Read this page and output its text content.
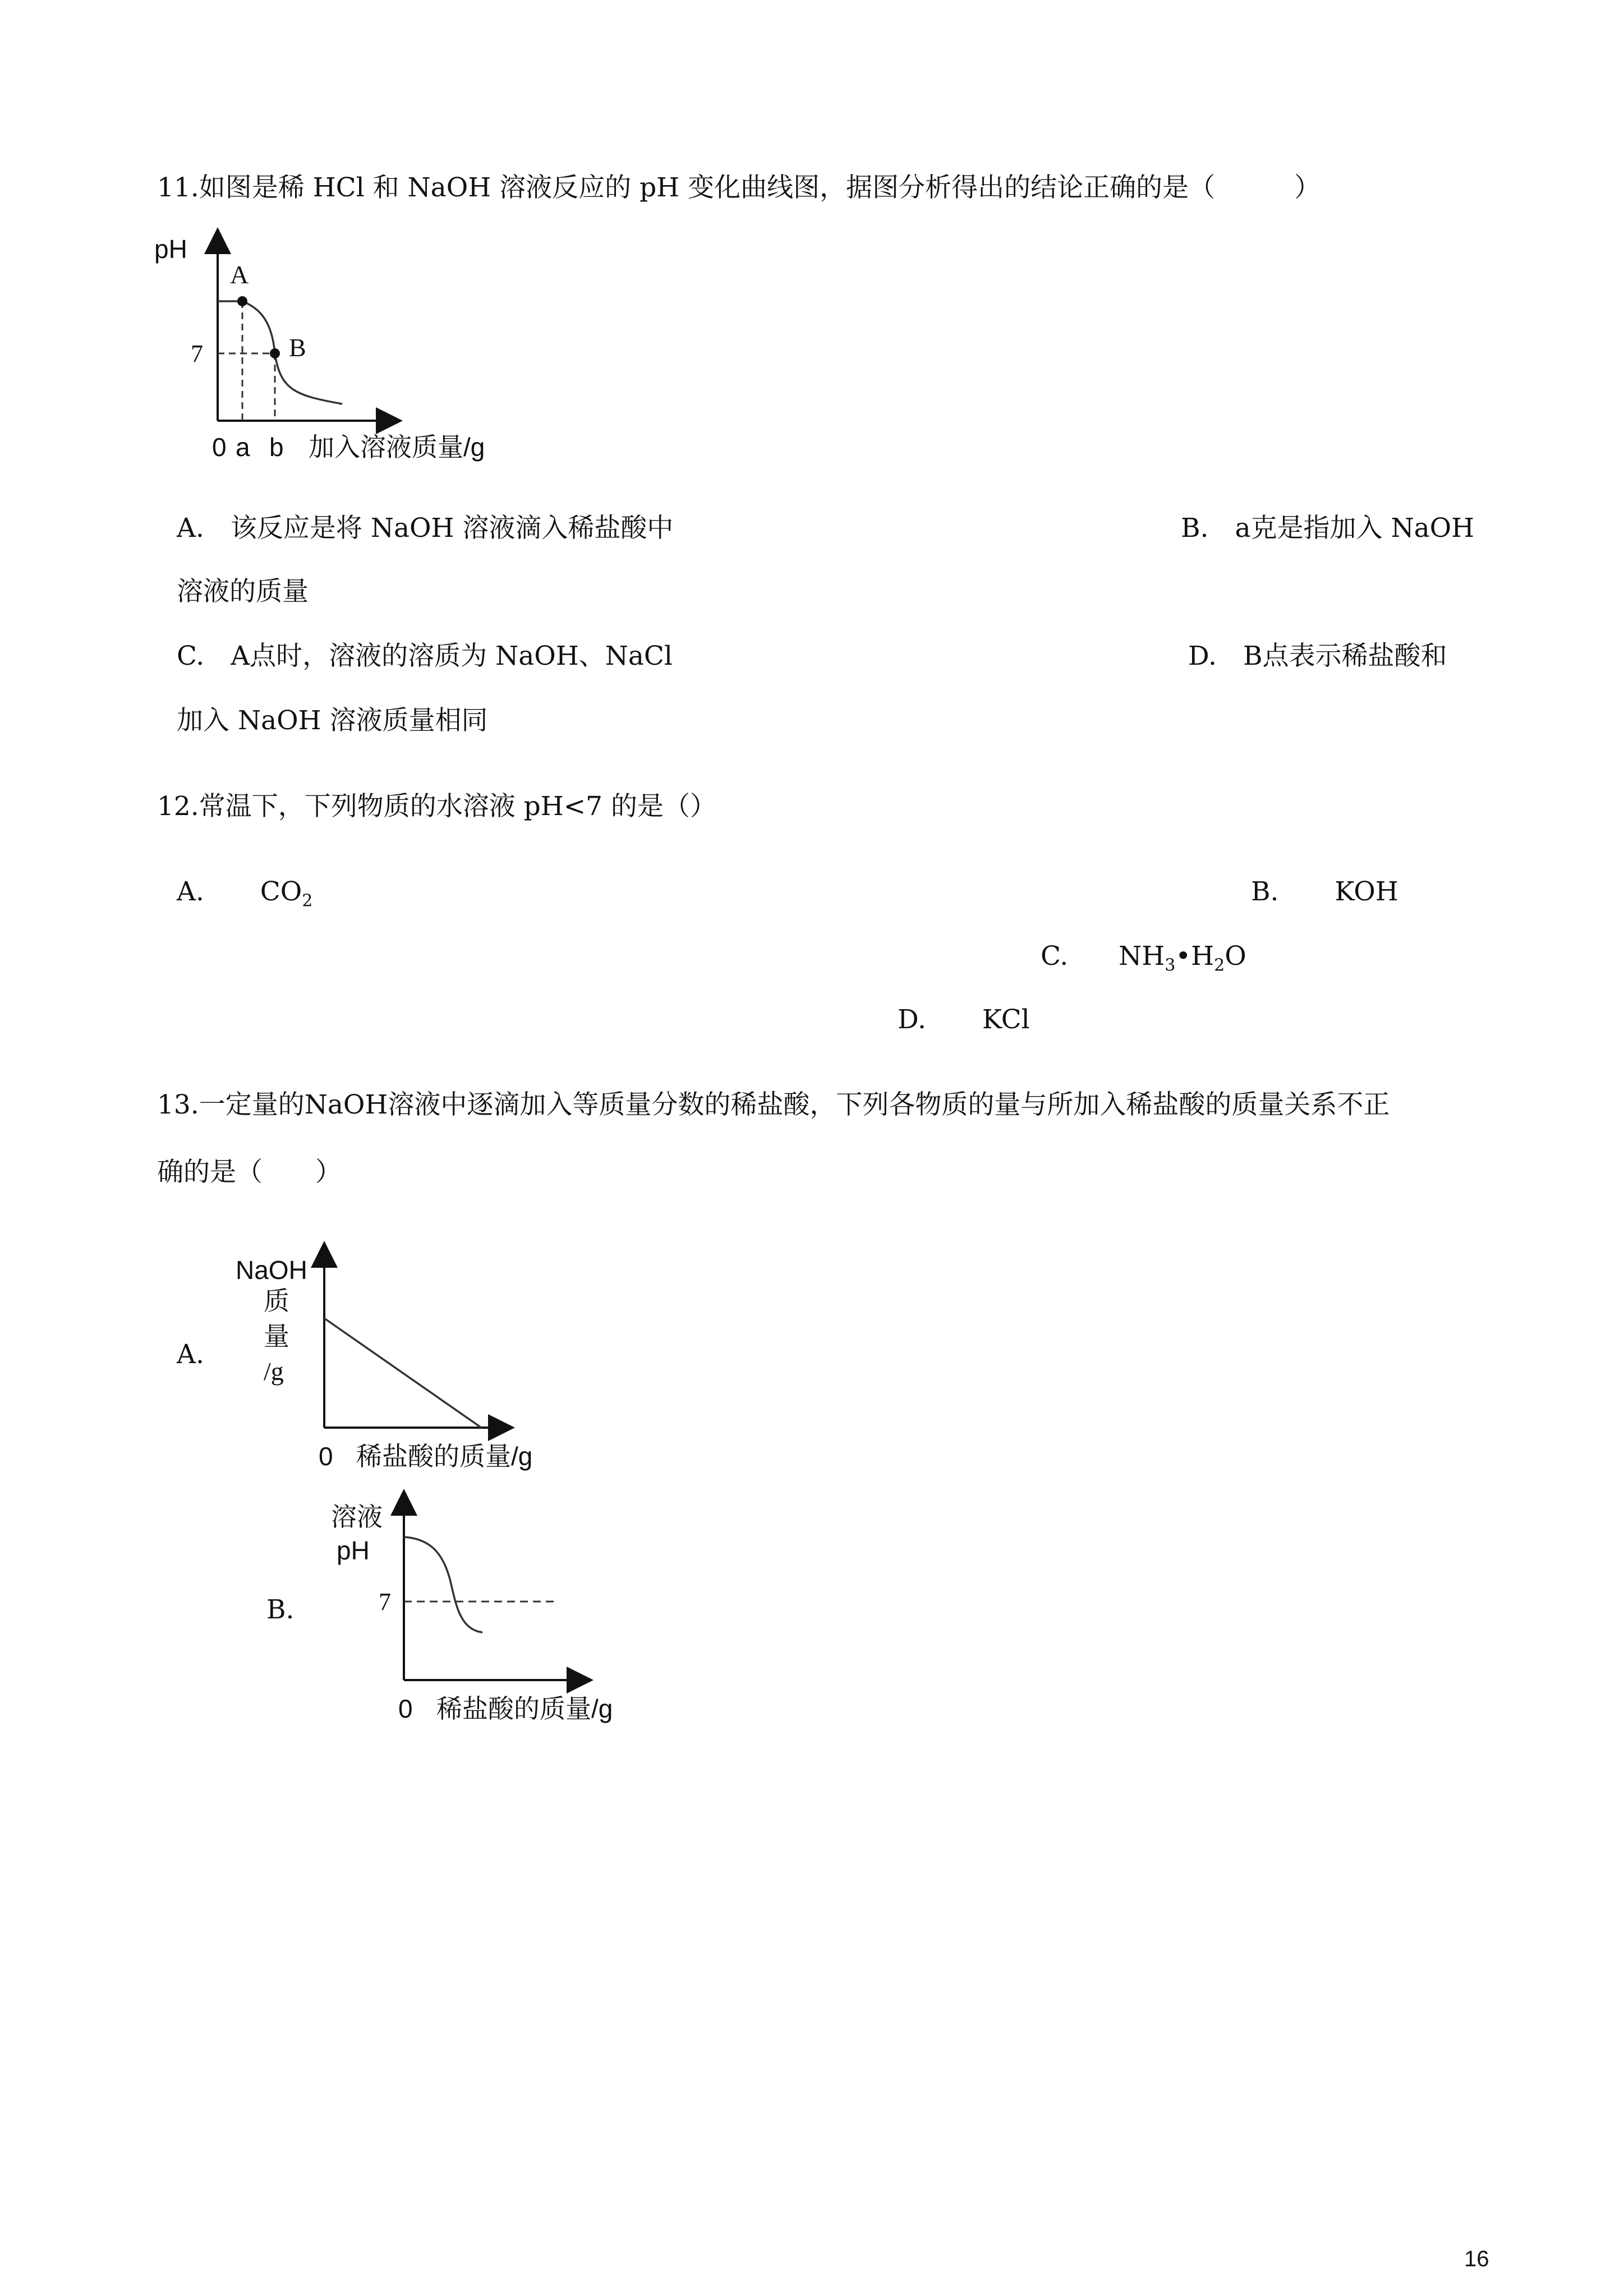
11.如图是稀 HCl 和 NaOH 溶液反应的 pH 变化曲线图，据图分析得出的结论正确的是（　　　）
pH
A
B
7
0 a b 加入溶液质量/g
A.　该反应是将 NaOH 溶液滴入稀盐酸中	B.　a克是指加入 NaOH
溶液的质量
C.　A点时，溶液的溶质为 NaOH、NaCl	D.　B点表示稀盐酸和
加入 NaOH 溶液质量相同
12.常温下，下列物质的水溶液 pH<7 的是（）
A. $CO_2$	B. KOH
C. $NH_3•H_2O$
D. KCl
13.一定量的NaOH溶液中逐滴加入等质量分数的稀盐酸，下列各物质的量与所加入稀盐酸的质量关系不正
确的是（　　）
A.
NaOH
质
量
/g
0 稀盐酸的质量/g
B.
溶液
pH
7
0 稀盐酸的质量/g
16
